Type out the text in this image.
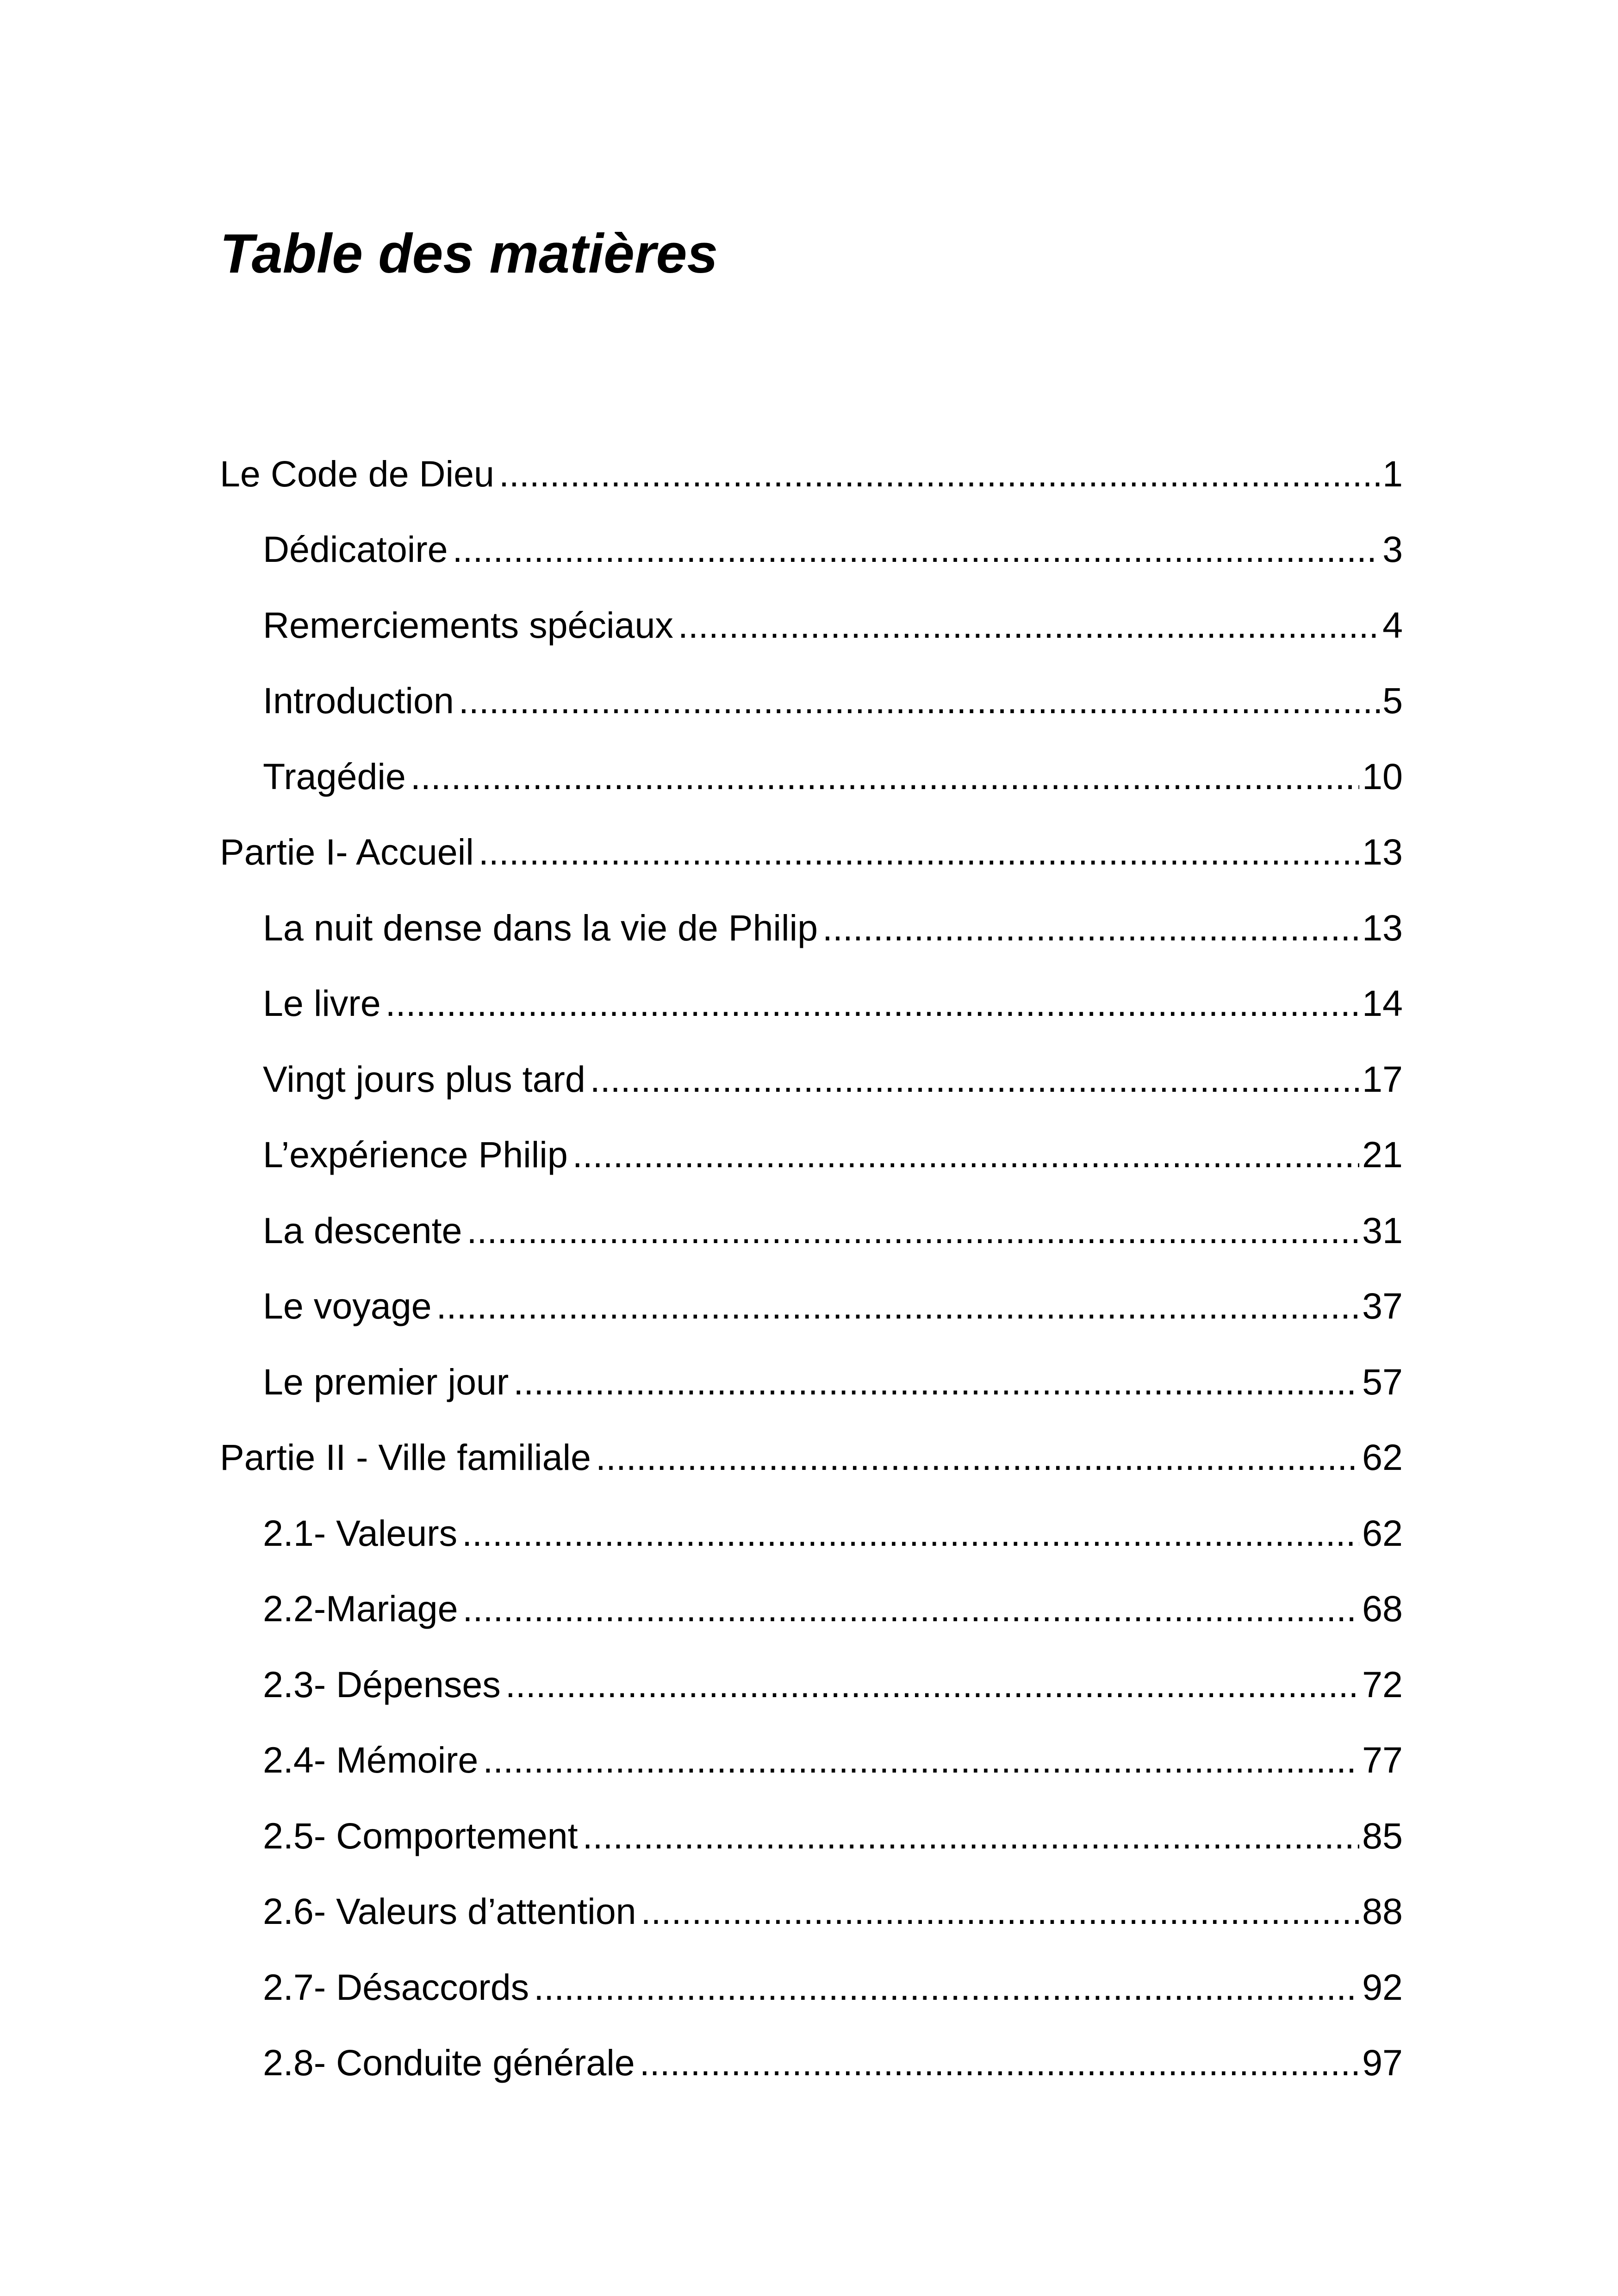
Table des matières
Le Code de Dieu .....	1
Dédicatoire .....	3
Remerciements spéciaux .....	4
Introduction .....	5
Tragédie .....	10
Partie I- Accueil .....	13
La nuit dense dans la vie de Philip .....	13
Le livre .....	14
Vingt jours plus tard .....	17
L’expérience Philip .....	21
La descente .....	31
Le voyage .....	37
Le premier jour .....	57
Partie II - Ville familiale .....	62
2.1- Valeurs .....	62
2.2-Mariage .....	68
2.3- Dépenses .....	72
2.4- Mémoire .....	77
2.5- Comportement .....	85
2.6- Valeurs d’attention .....	88
2.7- Désaccords .....	92
2.8- Conduite générale .....	97
